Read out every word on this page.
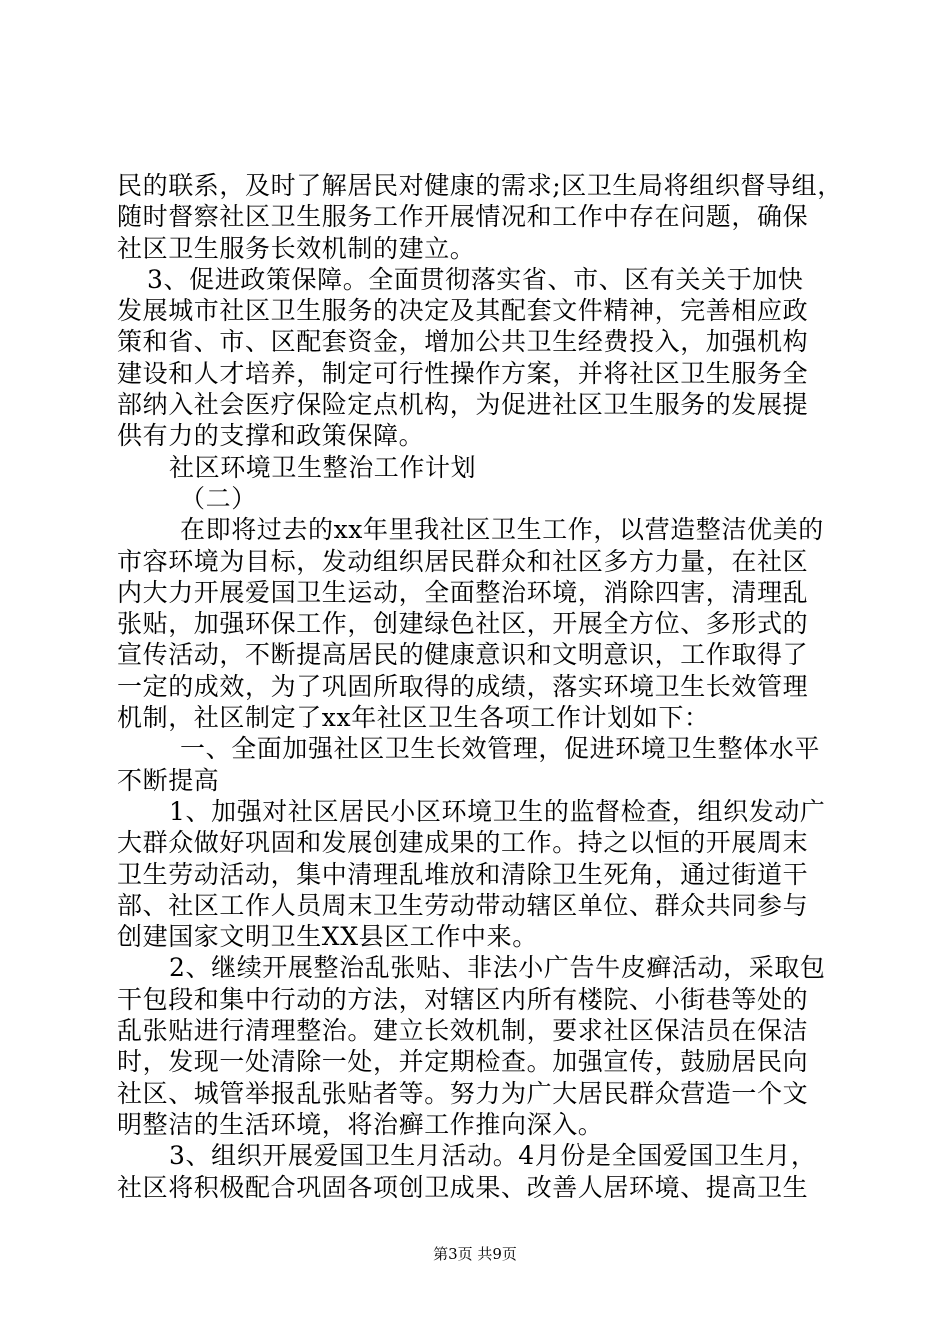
民的联系，及时了解居民对健康的需求;区卫生局将组织督导组，
随时督察社区卫生服务工作开展情况和工作中存在问题，确保
社区卫生服务长效机制的建立。
3、促进政策保障。全面贯彻落实省、市、区有关关于加快
发展城市社区卫生服务的决定及其配套文件精神，完善相应政
策和省、市、区配套资金，增加公共卫生经费投入，加强机构
建设和人才培养，制定可行性操作方案，并将社区卫生服务全
部纳入社会医疗保险定点机构，为促进社区卫生服务的发展提
供有力的支撑和政策保障。
社区环境卫生整治工作计划
（二）
在即将过去的xx年里我社区卫生工作，以营造整洁优美的
市容环境为目标，发动组织居民群众和社区多方力量，在社区
内大力开展爱国卫生运动，全面整治环境，消除四害，清理乱
张贴，加强环保工作，创建绿色社区，开展全方位、多形式的
宣传活动，不断提高居民的健康意识和文明意识，工作取得了
一定的成效，为了巩固所取得的成绩，落实环境卫生长效管理
机制，社区制定了xx年社区卫生各项工作计划如下：
一、全面加强社区卫生长效管理，促进环境卫生整体水平
不断提高
1、加强对社区居民小区环境卫生的监督检查，组织发动广
大群众做好巩固和发展创建成果的工作。持之以恒的开展周末
卫生劳动活动，集中清理乱堆放和清除卫生死角，通过街道干
部、社区工作人员周末卫生劳动带动辖区单位、群众共同参与
创建国家文明卫生XX县区工作中来。
2、继续开展整治乱张贴、非法小广告牛皮癣活动，采取包
干包段和集中行动的方法，对辖区内所有楼院、小街巷等处的
乱张贴进行清理整治。建立长效机制，要求社区保洁员在保洁
时，发现一处清除一处，并定期检查。加强宣传，鼓励居民向
社区、城管举报乱张贴者等。努力为广大居民群众营造一个文
明整洁的生活环境，将治癣工作推向深入。
3、组织开展爱国卫生月活动。4月份是全国爱国卫生月，
社区将积极配合巩固各项创卫成果、改善人居环境、提高卫生
第3页 共9页
